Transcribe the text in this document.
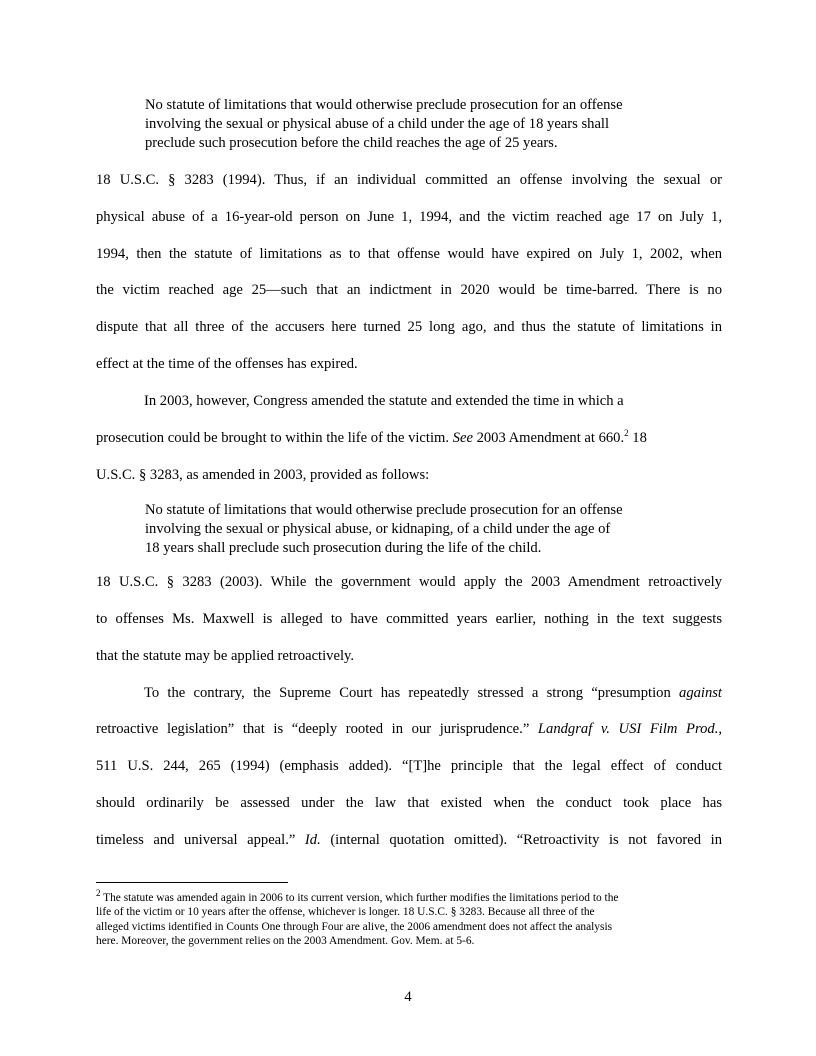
No statute of limitations that would otherwise preclude prosecution for an offense
involving the sexual or physical abuse of a child under the age of 18 years shall
preclude such prosecution before the child reaches the age of 25 years.
18 U.S.C. § 3283 (1994). Thus, if an individual committed an offense involving the sexual or
physical abuse of a 16-year-old person on June 1, 1994, and the victim reached age 17 on July 1,
1994, then the statute of limitations as to that offense would have expired on July 1, 2002, when
the victim reached age 25—such that an indictment in 2020 would be time-barred. There is no
dispute that all three of the accusers here turned 25 long ago, and thus the statute of limitations in
effect at the time of the offenses has expired.
In 2003, however, Congress amended the statute and extended the time in which a
prosecution could be brought to within the life of the victim. See 2003 Amendment at 660.$^2$ 18
U.S.C. § 3283, as amended in 2003, provided as follows:
No statute of limitations that would otherwise preclude prosecution for an offense
involving the sexual or physical abuse, or kidnaping, of a child under the age of
18 years shall preclude such prosecution during the life of the child.
18 U.S.C. § 3283 (2003). While the government would apply the 2003 Amendment retroactively
to offenses Ms. Maxwell is alleged to have committed years earlier, nothing in the text suggests
that the statute may be applied retroactively.
To the contrary, the Supreme Court has repeatedly stressed a strong “presumption against
retroactive legislation” that is “deeply rooted in our jurisprudence.” Landgraf v. USI Film Prod.,
511 U.S. 244, 265 (1994) (emphasis added). “[T]he principle that the legal effect of conduct
should ordinarily be assessed under the law that existed when the conduct took place has
timeless and universal appeal.” Id. (internal quotation omitted). “Retroactivity is not favored in
$^2$ The statute was amended again in 2006 to its current version, which further modifies the limitations period to the
life of the victim or 10 years after the offense, whichever is longer. 18 U.S.C. § 3283. Because all three of the
alleged victims identified in Counts One through Four are alive, the 2006 amendment does not affect the analysis
here. Moreover, the government relies on the 2003 Amendment. Gov. Mem. at 5-6.
4
